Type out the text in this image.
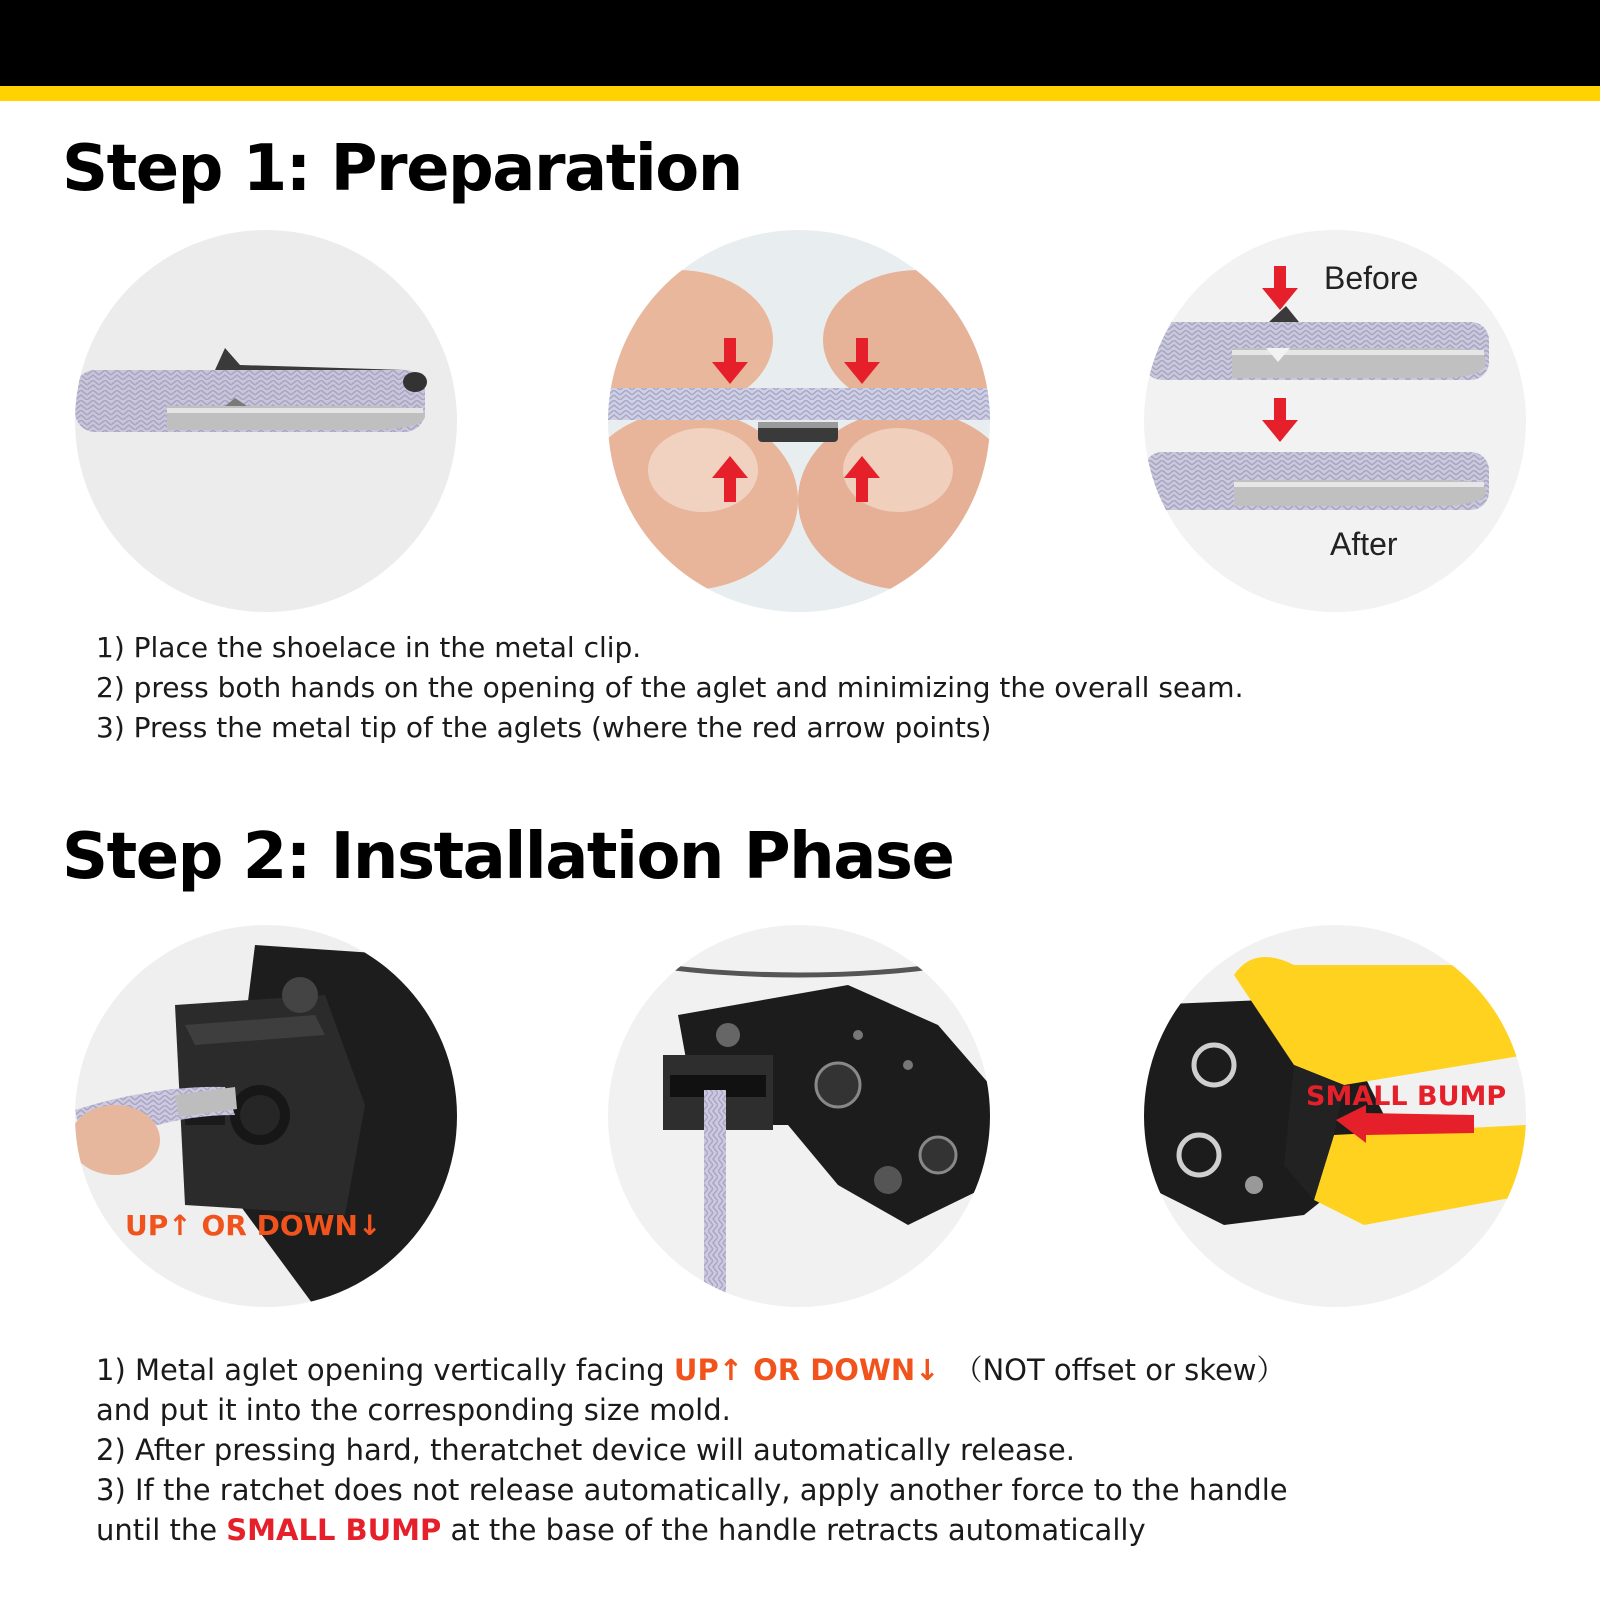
Step 1: Preparation
Before
After
1) Place the shoelace in the metal clip.
2) press both hands on the opening of the aglet and minimizing the overall seam.
3) Press the metal tip of the aglets (where the red arrow points)
Step 2: Installation Phase
UP↑ OR DOWN↓
SMALL BUMP
1) Metal aglet opening vertically facing UP↑ OR DOWN↓ （NOT offset or skew）
and put it into the corresponding size mold.
2) After pressing hard, theratchet device will automatically release.
3) If the ratchet does not release automatically, apply another force to the handle
until the SMALL BUMP at the base of the handle retracts automatically
